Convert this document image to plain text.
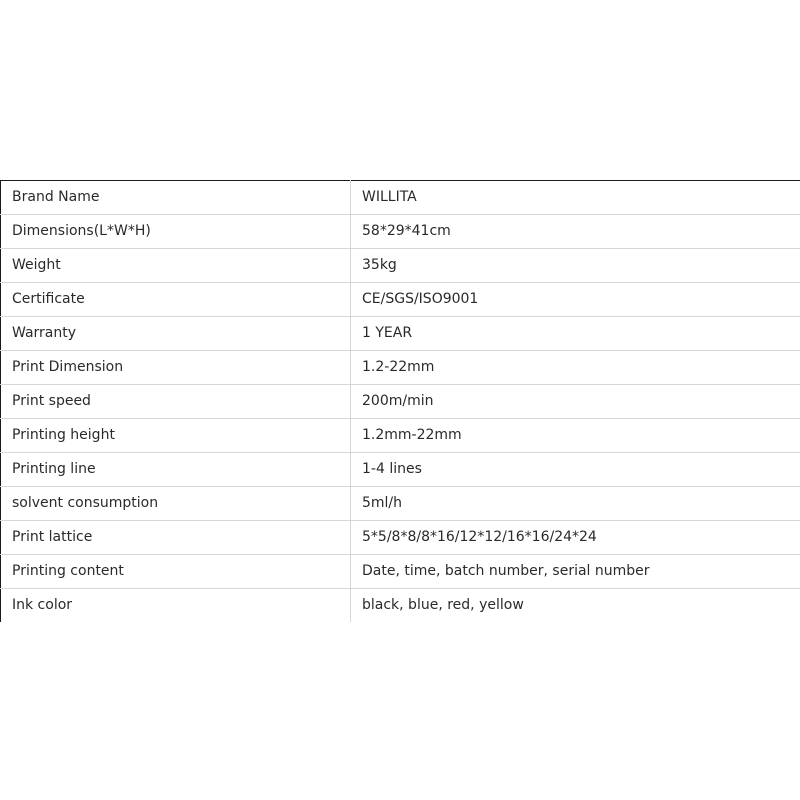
Brand Name	WILLITA
Dimensions(L*W*H)	58*29*41cm
Weight	35kg
Certificate	CE/SGS/ISO9001
Warranty	1 YEAR
Print Dimension	1.2-22mm
Print speed	200m/min
Printing height	1.2mm-22mm
Printing line	1-4 lines
solvent consumption	5ml/h
Print lattice	5*5/8*8/8*16/12*12/16*16/24*24
Printing content	Date, time, batch number, serial number
Ink color	black, blue, red, yellow
